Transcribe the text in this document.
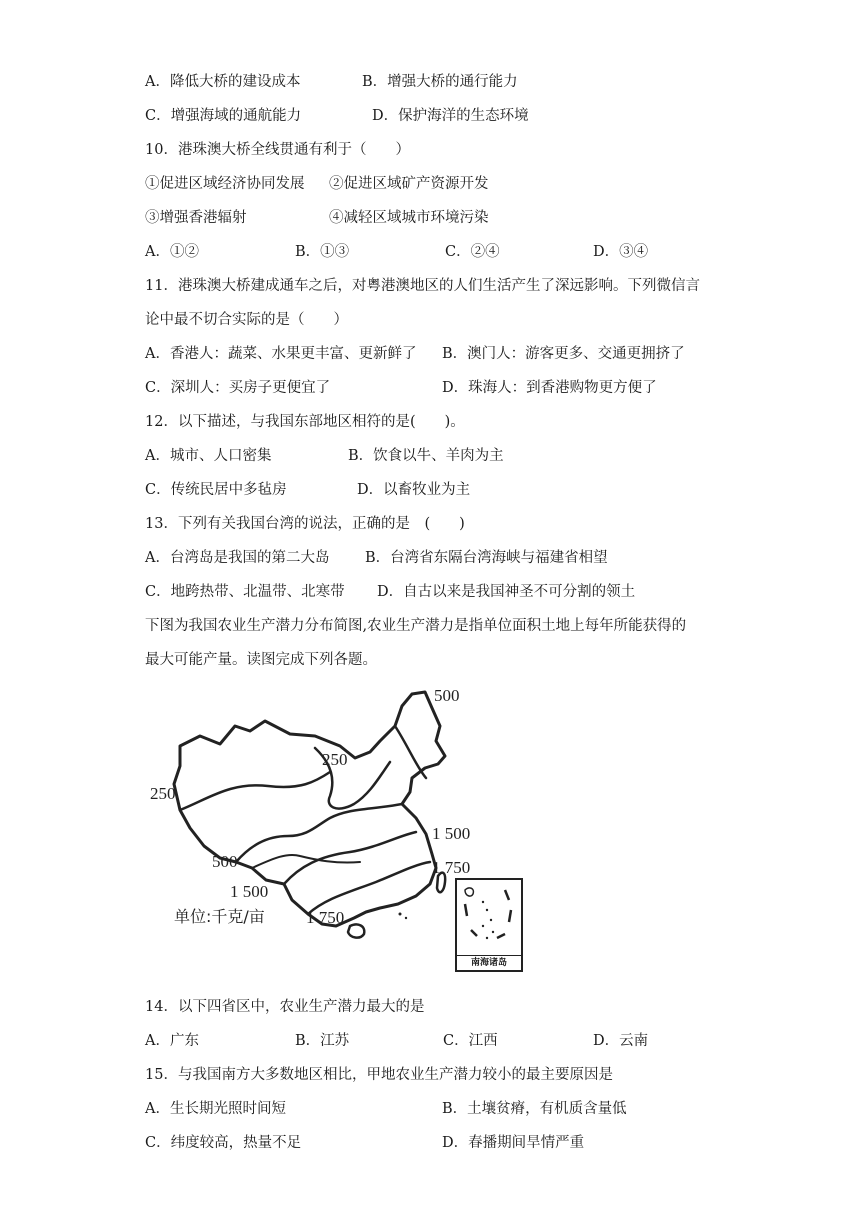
A．降低大桥的建设成本	B．增强大桥的通行能力
C．增强海域的通航能力	D．保护海洋的生态环境
10．港珠澳大桥全线贯通有利于（　　）
①促进区域经济协同发展 ②促进区域矿产资源开发
③增强香港辐射	④减轻区域城市环境污染
A．①②	B．①③	C．②④	D．③④
11．港珠澳大桥建成通车之后，对粤港澳地区的人们生活产生了深远影响。下列微信言
论中最不切合实际的是（　　）
A．香港人：蔬菜、水果更丰富、更新鲜了 B．澳门人：游客更多、交通更拥挤了
C．深圳人：买房子更便宜了	D．珠海人：到香港购物更方便了
12．以下描述，与我国东部地区相符的是(　　)。
A．城市、人口密集	B．饮食以牛、羊肉为主
C．传统民居中多毡房	D．以畜牧业为主
13．下列有关我国台湾的说法，正确的是　(　　)
A．台湾岛是我国的第二大岛 B．台湾省东隔台湾海峡与福建省相望
C．地跨热带、北温带、北寒带 D．自古以来是我国神圣不可分割的领土
下图为我国农业生产潜力分布简图,农业生产潜力是指单位面积土地上每年所能获得的
最大可能产量。读图完成下列各题。
500
250
250
1 500
500	1 750
1 500
1 750
单位:千克/亩
南海诸岛
14．以下四省区中，农业生产潜力最大的是
A．广东	B．江苏	C．江西	D．云南
15．与我国南方大多数地区相比，甲地农业生产潜力较小的最主要原因是
A．生长期光照时间短	B．土壤贫瘠，有机质含量低
C．纬度较高，热量不足	D．春播期间旱情严重
